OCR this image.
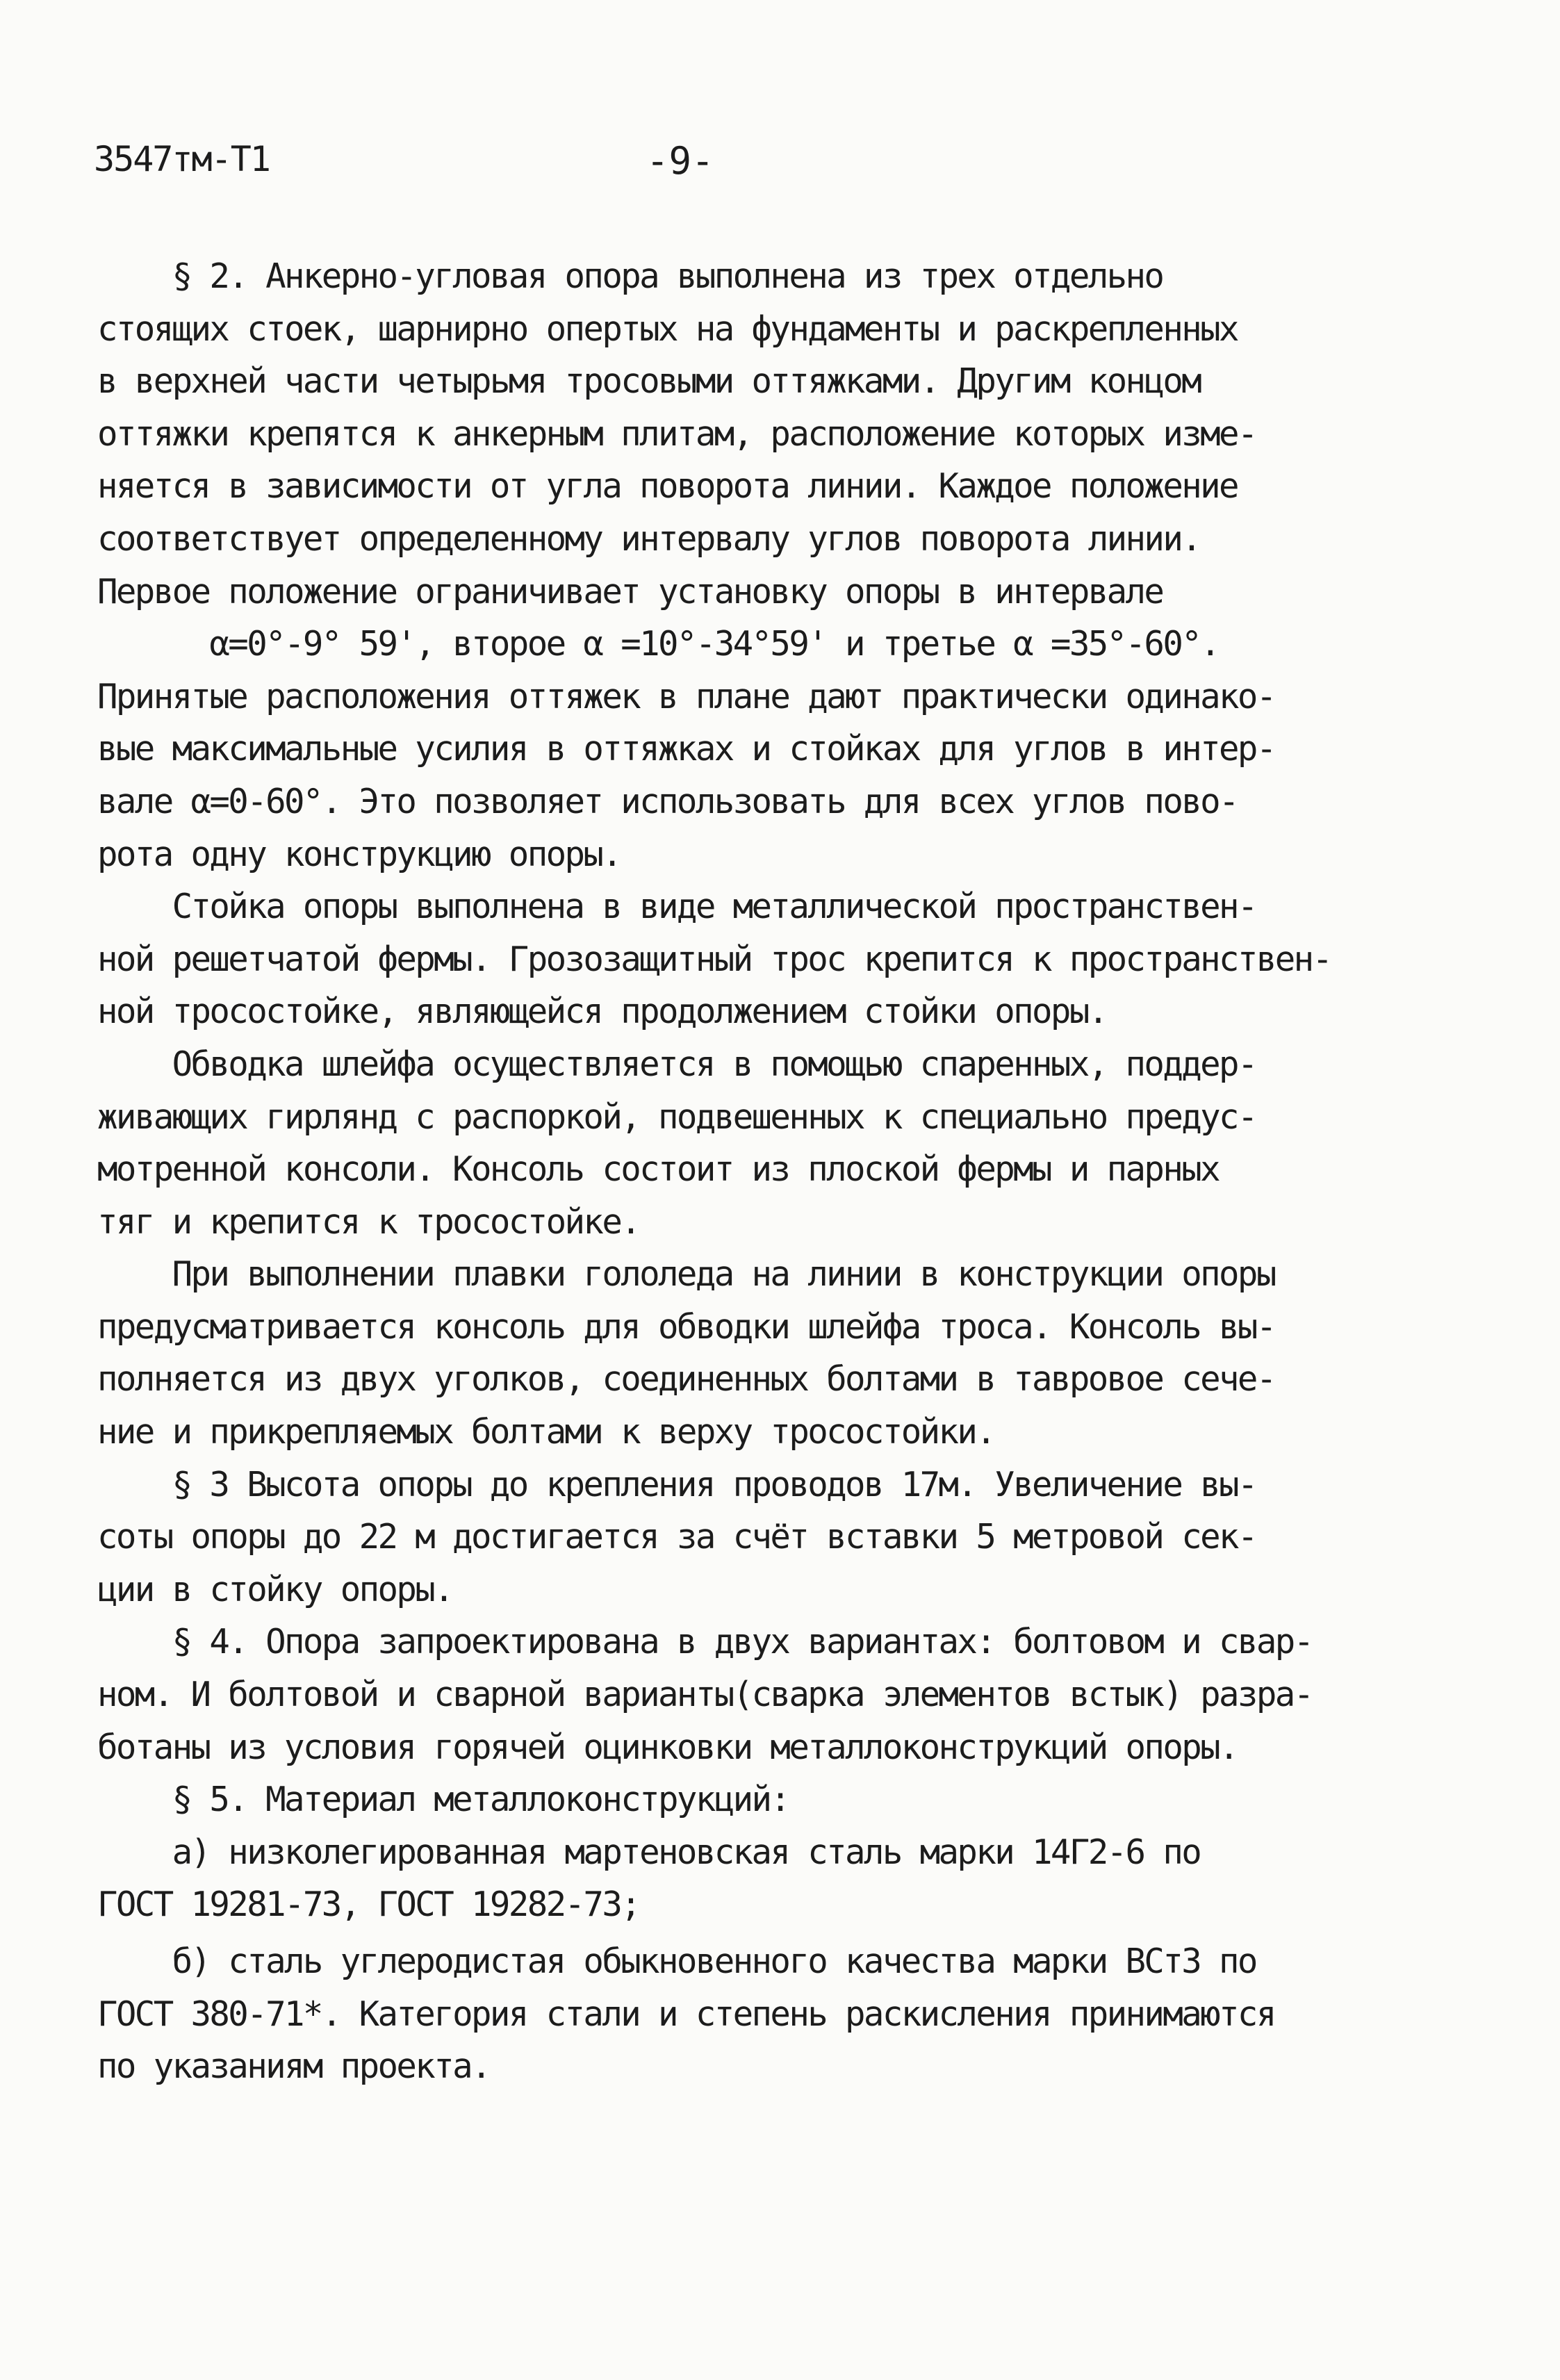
3547тм-Т1	-9-
§ 2. Анкерно-угловая опора выполнена из трех отдельно
стоящих стоек, шарнирно опертых на фундаменты и раскрепленных
в верхней части четырьмя тросовыми оттяжками. Другим концом
оттяжки крепятся к анкерным плитам, расположение которых изме-
няется в зависимости от угла поворота линии. Каждое положение
соответствует определенному интервалу углов поворота линии.
Первое положение ограничивает установку опоры в интервале
α=0°-9° 59', второе α =10°-34°59' и третье α =35°-60°.
Принятые расположения оттяжек в плане дают практически одинако-
вые максимальные усилия в оттяжках и стойках для углов в интер-
вале α=0-60°. Это позволяет использовать для всех углов пово-
рота одну конструкцию опоры.
Стойка опоры выполнена в виде металлической пространствен-
ной решетчатой фермы. Грозозащитный трос крепится к пространствен-
ной тросостойке, являющейся продолжением стойки опоры.
Обводка шлейфа осуществляется в помощью спаренных, поддер-
живающих гирлянд с распоркой, подвешенных к специально предус-
мотренной консоли. Консоль состоит из плоской фермы и парных
тяг и крепится к тросостойке.
При выполнении плавки гололеда на линии в конструкции опоры
предусматривается консоль для обводки шлейфа троса. Консоль вы-
полняется из двух уголков, соединенных болтами в тавровое сече-
ние и прикрепляемых болтами к верху тросостойки.
§ 3 Высота опоры до крепления проводов 17м. Увеличение вы-
соты опоры до 22 м достигается за счёт вставки 5 метровой сек-
ции в стойку опоры.
§ 4. Опора запроектирована в двух вариантах: болтовом и свар-
ном. И болтовой и сварной варианты(сварка элементов встык) разра-
ботаны из условия горячей оцинковки металлоконструкций опоры.
§ 5. Материал металлоконструкций:
а) низколегированная мартеновская сталь марки 14Г2-6 по
ГОСТ 19281-73, ГОСТ 19282-73;
б) сталь углеродистая обыкновенного качества марки ВСт3 по
ГОСТ 380-71*. Категория стали и степень раскисления принимаются
по указаниям проекта.
